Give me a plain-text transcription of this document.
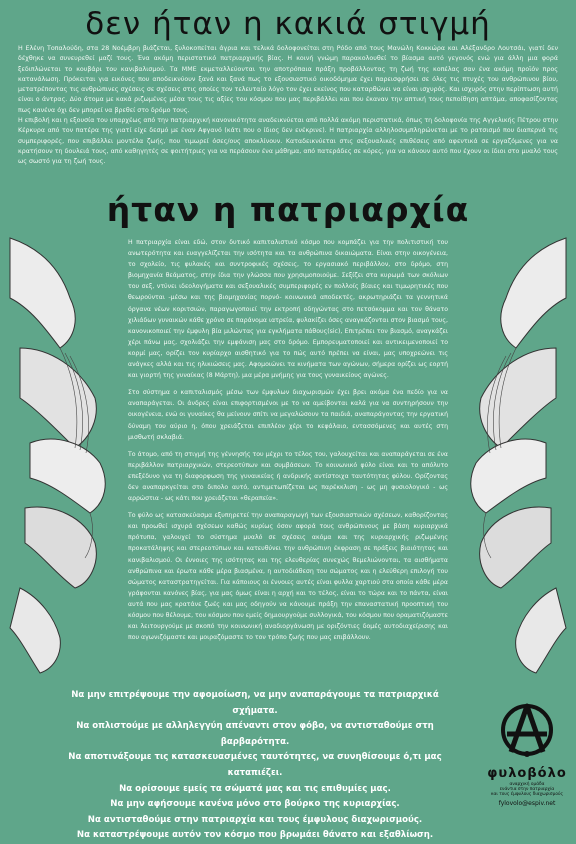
δεν ήταν η κακιά στιγμή

Η Ελένη Τοπαλούδη, στα 28 Νοέμβρη βιάζεται, ξυλοκοπείται άγρια και τελικά δολοφονείται στη Ρόδο από τους Μανώλη Κοκκώρα και Αλέξανδρο Λουτσάι, γιατί δεν δέχθηκε να συνευρεθεί μαζί τους. Ένα ακόμη περιστατικό πατριαρχικής βίας. Η κοινή γνώμη παρακολουθεί το βίασμα αυτό γεγονός ενώ για άλλη μια φορά ξεδιπλώνεται το κουβάρι του κανιβαλισμού. Τα ΜΜΕ εκμεταλλεύονται την αποτρόπαια πράξη προβάλλοντας τη ζωή της κοπέλας σαν ένα ακόμη προϊόν προς κατανάλωση. Πρόκειται για εικόνες που αποδεικνύουν ξανά και ξανά πως το εξουσιαστικό οικοδόμημα έχει παρεισφρήσει σε όλες τις πτυχές του ανθρώπινου βίου, μετατρέποντας τις ανθρώπινες σχέσεις σε σχέσεις στις οποίες τον τελευταίο λόγο τον έχει εκείνος που καταρθώνει να είναι ισχυρός. Και ισχυρός στην περίπτωση αυτή είναι ο άντρας. Δύο άτομα με κακά ριζωμένες μέσα τους τις αξίες του κόσμου που μας περιβάλλει και που έκαναν την απτική τους πεποίθηση απτάμα, αποφασίζοντας πως κανένα όχι δεν μπορεί να βρεθεί στο δρόμο τους.

Η επιβολή και η εξουσία του υπαρχέως από την πατριαρχική κανονικότητα αναδεικνύεται από πολλά ακόμη περιστατικά, όπως τη δολοφονία της Αγγελικής Πέτρου στην Κέρκυρα από τον πατέρα της γιατί είχε δεσμό με έναν Αφγανό (κάτι που ο ίδιος δεν ενέκρινε). Η πατριαρχία αλληλοσυμπληρώνεται με το ρατσισμό που διαπερνά τις συμπεριφορές, που επιβάλλει μοντέλα ζωής, που τιμωρεί όσες/ους αποκλίνουν. Καταδεικνύεται στις σεξουαλικές επιθέσεις από αφεντικά σε εργαζόμενες για να κρατήσουν τη δουλειά τους, από καθηγητές σε φοιτήτριες για να περάσουν ένα μάθημα, από πατεράδες σε κόρες, για να κάνουν αυτό που έχουν οι ίδιοι στο μυαλό τους ως σωστό για τη ζωή τους.

ήταν η πατριαρχία

Η πατριαρχία είναι εδώ, στον δυτικό καπιταλιστικό κόσμο που κομπάζει για την πολιτιστική του ανωτερότητα και ευαγγελίζεται την ισότητα και τα ανθρώπινα δικαιώματα. Είναι στην οικογένεια, το σχολείο, τις φυλακές και συντροφικές σχέσεις, το εργασιακό περιβάλλον, στο δρόμο, στη βιομηχανία θεάματος, στην ίδια την γλώσσα που χρησιμοποιούμε. Σεξίζει στα κυρωμά των σκόλιων του σεξ, ντύνει ιδεολογήματα και σεξουαλικές συμπεριφορές εν πολλοίς βίαιες και τιμωρητικές που θεωρούνται -μέσω και της βιομηχανίας πορνό- κοινωνικά αποδεκτές, ακρωτηριάζει τα γεννητικά όργανα νέων κοριτσιών, παραγωγοποιεί την εκτροπή οδηγώντας στο πετσόκομμα και τον θάνατο χιλιάδων γυναικών κάθε χρόνο σε παράνομα ιατρεία, φυλακίζει όσες αναγκάζονται στον βιασμό τους, κανονικοποιεί την έμφυλη βία μιλώντας για εγκλήματα πάθους(sic), Επιτρέπει τον βιασμό, αναγκάζει χέρι πάνω μας, σχολιάζει την εμφάνιση μας στο δρόμο. Εμπορευματοποιεί και αντικειμενοποιεί το κορμί μας, ορίζει τον κυρίαρχο αισθητικό για το πώς αυτό πρέπει να είναι, μας υποχρεώνει τις ανάγκες αλλά και τις ηλικιώσεις μας. Αφομοιώνει τα κινήματα των αγώνων, σήμερα ορίζει ως εορτή και γιορτή της γυναίκας (8 Μάρτη), μια μέρα μνήμης για τους γυναικείους αγώνες.

Στο σύστημα ο καπιταλισμός μέσω των έμφυλων διαχωρισμών έχει βρει ακόμα ένα πεδίο για να αναπαράγεται. Οι άνδρες είναι επιφορτισμένοι με το να αμείβονται καλά για να συντηρήσουν την οικογένεια, ενώ οι γυναίκες θα μείνουν σπίτι να μεγαλώσουν τα παιδιά, αναπαράγοντας την εργατική δύναμη του αύριο η, όπου χρειάζεται επιπλέον χέρι το κεφάλαιο, εντασσόμενες και αυτές στη μισθωτή σκλαβιά.

Το άτομο, από τη στιγμή της γέννησής του μέχρι το τέλος του, γαλουχείται και αναπαράγεται σε ένα περιβάλλον πατριαρχικών, στερεοτύπων και συμβάσεων. Το κοινωνικό φύλο είναι και το απόλυτο επεξέδυνο για τη διαφορφωση της γυναικείας ή ανδρικής αντίστοιχα ταυτότητας φύλου. Ορίζοντας δεν αναπαρκγείται στο διπολο αυτό, αντιμετωπίζεται ως παρέκκλιση - ως μη φυσιολογικό - ως αρρώστια - ως κάτι που χρειάζεται «θεραπεία».

Το φύλο ως κατασκεύασμα εξυπηρετεί την αναπαραγωγή των εξουσιαστικών σχέσεων, καθορίζοντας και προωθεί ισχυρά σχέσεων καθώς κυρίως όσον αφορά τους ανθρώπινους με βάση κυριαρχικά πρότυπα, γαλουχεί το σύστημα μυαλό σε σχέσεις ακόμα και της κυριαρχικής ριζωμένης προκατάληψης και στερεοτύπων και κατευθύνει την ανθρώπινη έκφραση σε πράξεις βιαιότητας και κανιβαλισμού. Οι έννοιες της ισότητας και της ελευθερίας συνεχώς θεμελιώνονται, τα αισθήματα ανθρώπινα και έρωτα κάθε μέρα βιασμένα, η αυτοδιάθεση του σώματος και η ελεύθερη επιλογή του σώματος καταστρατηγείται. Για κάποιους οι έννοιες αυτές είναι φυλλα χαρτιού στα οποία κάθε μέρα γράφονται κανόνες βίας, για μας όμως είναι η αρχή και το τέλος, είναι το τώρα και το πάντα, είναι αυτά που μας κρατάνε ζωές και μας οδηγούν να κάνουμε πράξη την επαναστατική προοπτική του κόσμου που θέλουμε, του κόσμου που εμείς δημιουργούμε συλλογικά, του κόσμου που οραματιζόμαστε και λειτουργούμε με σκοπό την κοινωνική αναδιοργάνωση με οριζόντιες δομές αυτοδιαχείρισης και που αγωνιζόμαστε και μοιραζόμαστε το τον τρόπο ζωής που μας επιβάλλουν.

Να μην επιτρέψουμε την αφομοίωση, να μην αναπαράγουμε τα πατριαρχικά σχήματα.
Να οπλιστούμε με αλληλεγγύη απέναντι στον φόβο, να αντισταθούμε στη βαρβαρότητα.
Να αποτινάξουμε τις κατασκευασμένες ταυτότητες, να συνηθίσουμε ό,τι μας καταπιέζει.
Να ορίσουμε εμείς τα σώματά μας και τις επιθυμίες μας.
Να μην αφήσουμε κανένα μόνο στο βούρκο της κυριαρχίας.
Να αντισταθούμε στην πατριαρχία και τους έμφυλους διαχωρισμούς.
Να καταστρέψουμε αυτόν τον κόσμο που βρωμάει θάνατο και εξαθλίωση.
φυλοβόλο
αναρχική ομάδα
ενάντια στην πατριαρχία
και τους έμφυλους διαχωρισμούς
fylovolo@espiv.net
